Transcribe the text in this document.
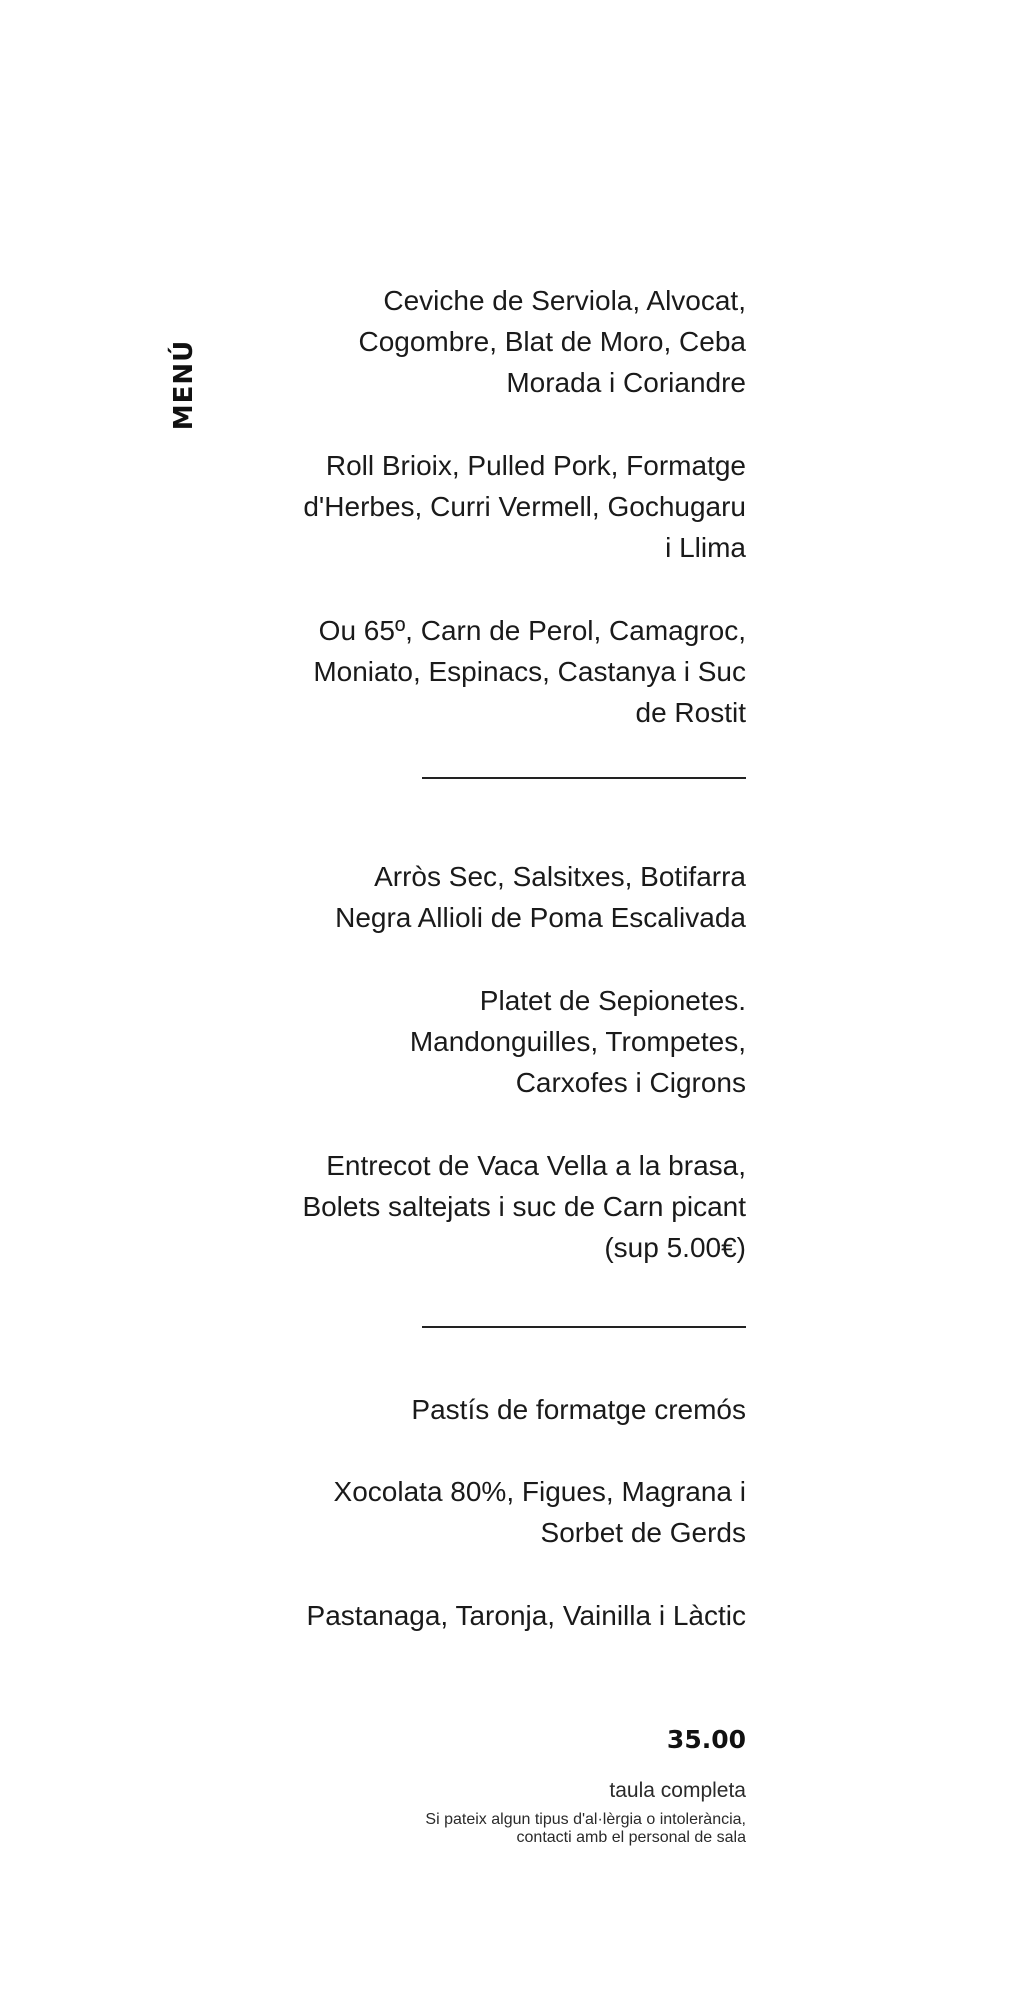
MENÚ

Ceviche de Serviola, Alvocat,
Cogombre, Blat de Moro, Ceba
Morada i Coriandre

Roll Brioix, Pulled Pork, Formatge
d'Herbes, Curri Vermell, Gochugaru
i Llima

Ou 65º, Carn de Perol, Camagroc,
Moniato, Espinacs, Castanya i Suc
de Rostit

Arròs Sec, Salsitxes, Botifarra
Negra Allioli de Poma Escalivada

Platet de Sepionetes.
Mandonguilles, Trompetes,
Carxofes i Cigrons

Entrecot de Vaca Vella a la brasa,
Bolets saltejats i suc de Carn picant
(sup 5.00€)

Pastís de formatge cremós

Xocolata 80%, Figues, Magrana i
Sorbet de Gerds

Pastanaga, Taronja, Vainilla i Làctic

35.00
taula completa
Si pateix algun tipus d'al·lèrgia o intolerància,
contacti amb el personal de sala
